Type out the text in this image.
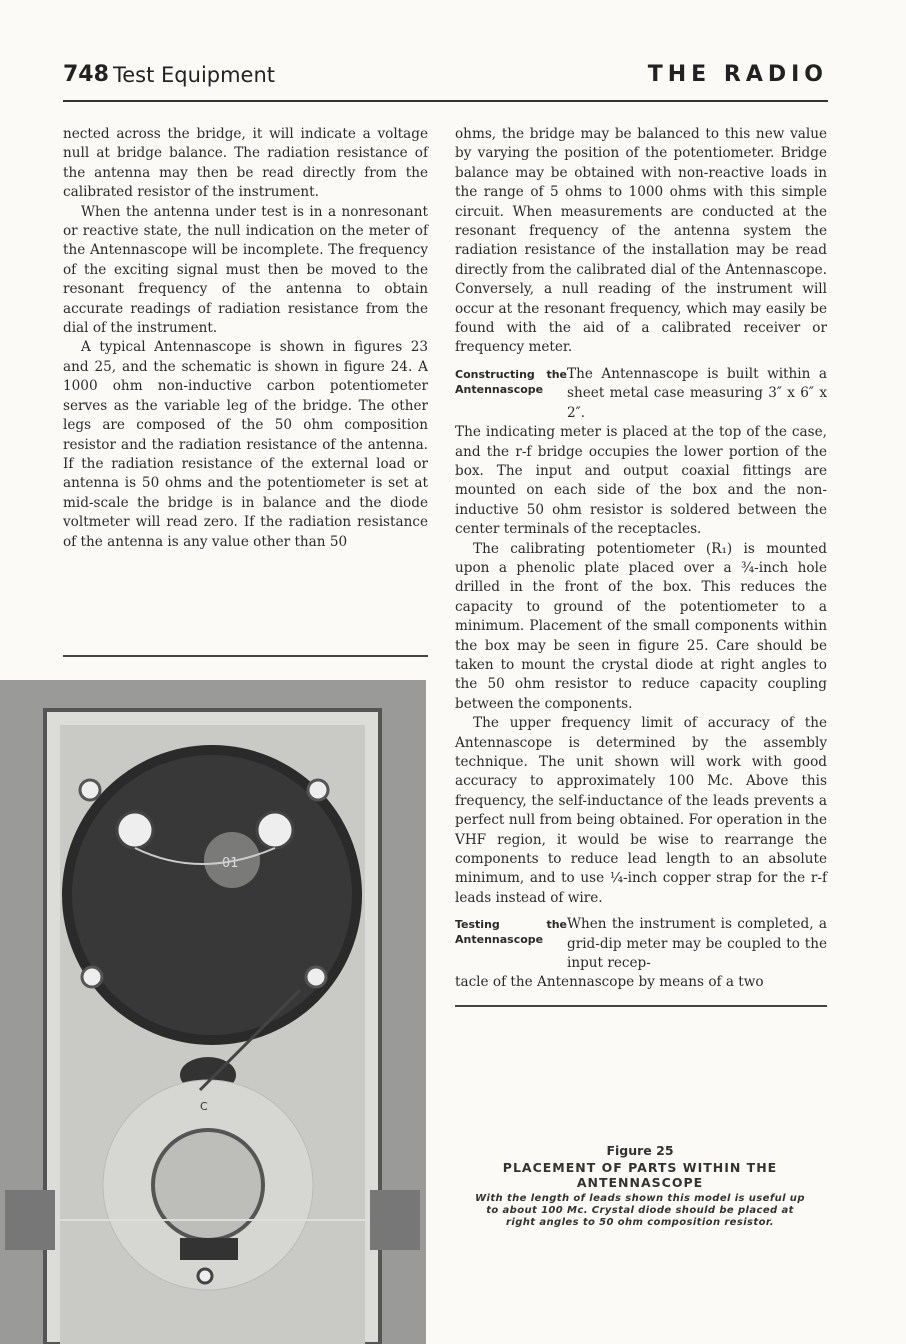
748 Test Equipment	THE RADIO

nected across the bridge, it will indicate a voltage null at bridge balance. The radiation resistance of the antenna may then be read directly from the calibrated resistor of the instrument.

When the antenna under test is in a nonresonant or reactive state, the null indication on the meter of the Antennascope will be incomplete. The frequency of the exciting signal must then be moved to the resonant frequency of the antenna to obtain accurate readings of radiation resistance from the dial of the instrument.

A typical Antennascope is shown in figures 23 and 25, and the schematic is shown in figure 24. A 1000 ohm non-inductive carbon potentiometer serves as the variable leg of the bridge. The other legs are composed of the 50 ohm composition resistor and the radiation resistance of the antenna. If the radiation resistance of the external load or antenna is 50 ohms and the potentiometer is set at mid-scale the bridge is in balance and the diode voltmeter will read zero. If the radiation resistance of the antenna is any value other than 50

ohms, the bridge may be balanced to this new value by varying the position of the potentiometer. Bridge balance may be obtained with non-reactive loads in the range of 5 ohms to 1000 ohms with this simple circuit. When measurements are conducted at the resonant frequency of the antenna system the radiation resistance of the installation may be read directly from the calibrated dial of the Antennascope. Conversely, a null reading of the instrument will occur at the resonant frequency, which may easily be found with the aid of a calibrated receiver or frequency meter.

Constructing the Antennascope
The Antennascope is built within a sheet metal case measuring 3″ x 6″ x 2″.

The indicating meter is placed at the top of the case, and the r-f bridge occupies the lower portion of the box. The input and output coaxial fittings are mounted on each side of the box and the non-inductive 50 ohm resistor is soldered between the center terminals of the receptacles.

The calibrating potentiometer (R₁) is mounted upon a phenolic plate placed over a ¾-inch hole drilled in the front of the box. This reduces the capacity to ground of the potentiometer to a minimum. Placement of the small components within the box may be seen in figure 25. Care should be taken to mount the crystal diode at right angles to the 50 ohm resistor to reduce capacity coupling between the components.

The upper frequency limit of accuracy of the Antennascope is determined by the assembly technique. The unit shown will work with good accuracy to approximately 100 Mc. Above this frequency, the self-inductance of the leads prevents a perfect null from being obtained. For operation in the VHF region, it would be wise to rearrange the components to reduce lead length to an absolute minimum, and to use ¼-inch copper strap for the r-f leads instead of wire.

Testing the Antennascope
When the instrument is completed, a grid-dip meter may be coupled to the input recep-

tacle of the Antennascope by means of a two

01
C
Figure 25
PLACEMENT OF PARTS WITHIN THE ANTENNASCOPE
With the length of leads shown this model is useful up to about 100 Mc. Crystal diode should be placed at right angles to 50 ohm composition resistor.
